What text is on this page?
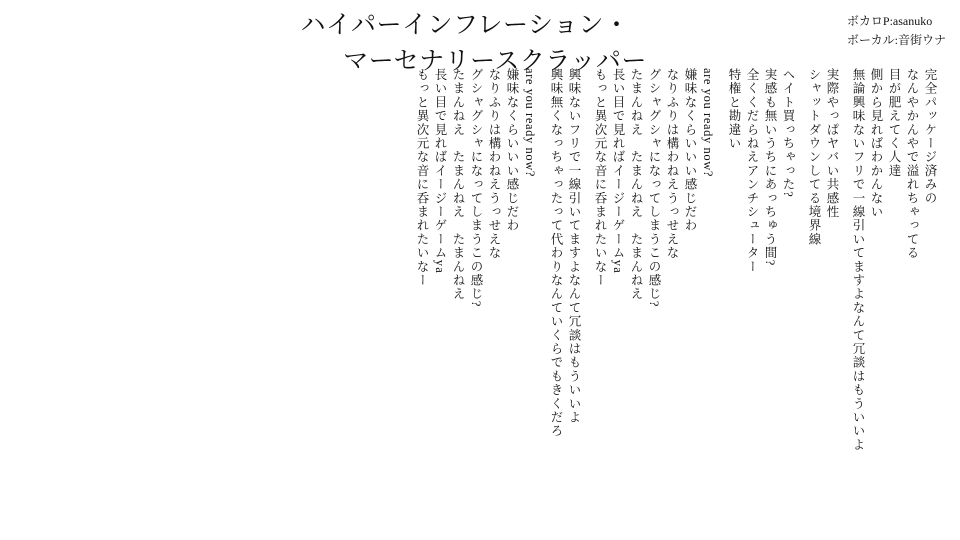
ハイパーインフレーション・
マーセナリースクラッパー
ボカロP:asanuko
ボーカル:音街ウナ
完全パッケージ済みの
なんやかんやで溢れちゃってる
目が肥えてく人達
側から見ればわかんない
無論興味ないフリで一線引いてますよなんて冗談はもういいよ
実際やっぱヤバい共感性
シャットダウンしてる境界線
ヘイト買っちゃった?
実感も無いうちにあっちゅう間?
全くくだらねえアンチシューター
特権と勘違い
are you ready now?
嫌味なくらいいい感じだわ
なりふりは構わねえうっせえな
グシャグシャになってしまうこの感じ?
たまんねえ　たまんねえ　たまんねえ
長い目で見ればイージーゲームya
もっと異次元な音に呑まれたいなー
興味ないフリで一線引いてますよなんて冗談はもういいよ
興味無くなっちゃったって代わりなんていくらでもきくだろ
are you ready now?
嫌味なくらいいい感じだわ
なりふりは構わねえうっせえな
グシャグシャになってしまうこの感じ?
たまんねえ　たまんねえ　たまんねえ
長い目で見ればイージーゲームya
もっと異次元な音に呑まれたいなー
